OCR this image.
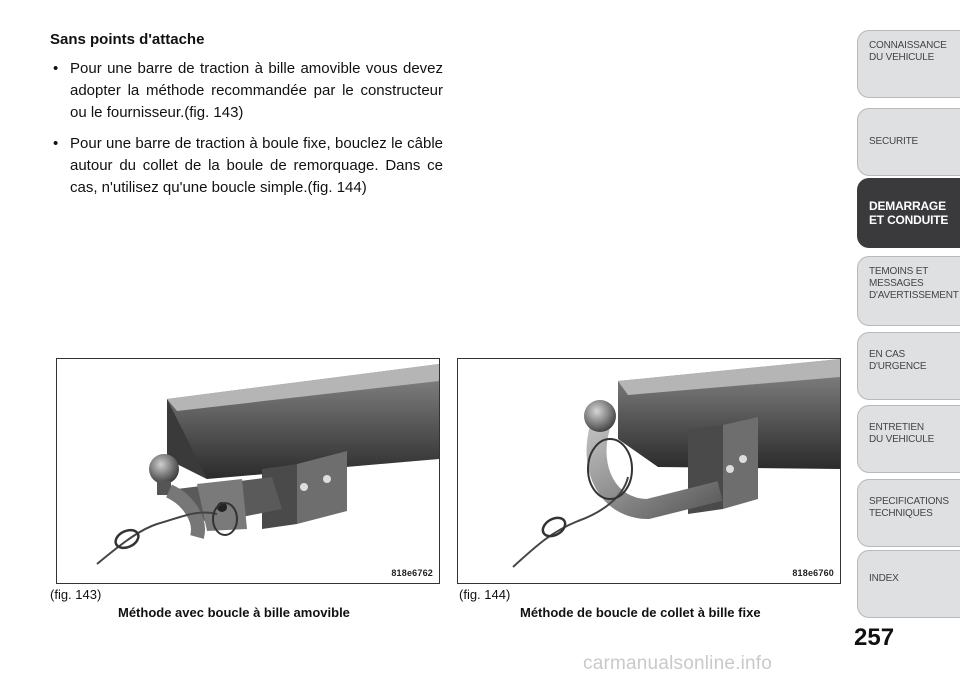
Sans points d'attache
• Pour une barre de traction à bille amovible vous devez adopter la méthode recommandée par le constructeur ou le fournisseur.(fig. 143)
• Pour une barre de traction à boule fixe, bouclez le câble autour du collet de la boule de remorquage. Dans ce cas, n'utilisez qu'une boucle simple.(fig. 144)
818e6762
(fig. 143)
Méthode avec boucle à bille amovible
818e6760
(fig. 144)
Méthode de boucle de collet à bille fixe
CONNAISSANCE
DU VEHICULE
SECURITE
DEMARRAGE
ET CONDUITE
TEMOINS ET
MESSAGES
D'AVERTISSEMENT
EN CAS
D'URGENCE
ENTRETIEN
DU VEHICULE
SPECIFICATIONS
TECHNIQUES
INDEX
257
carmanualsonline.info
